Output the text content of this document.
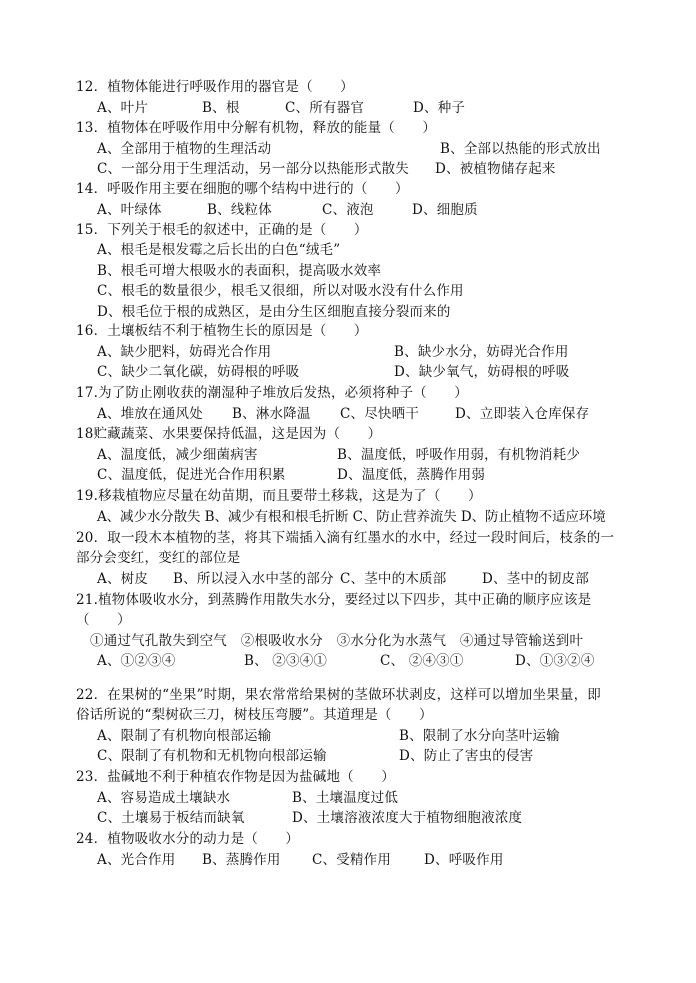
12．植物体能进行呼吸作用的器官是（　　）
A、叶片	B、根	C、所有器官	D、种子
13．植物体在呼吸作用中分解有机物，释放的能量（　　）
A、全部用于植物的生理活动	B、全部以热能的形式放出
C、一部分用于生理活动，另一部分以热能形式散失 D、被植物储存起来
14．呼吸作用主要在细胞的哪个结构中进行的（　　）
A、叶绿体	B、线粒体	C、液泡	D、细胞质
15．下列关于根毛的叙述中，正确的是（　　）
A、根毛是根发霉之后长出的白色“绒毛”
B、根毛可增大根吸水的表面积，提高吸水效率
C、根毛的数量很少，根毛又很细，所以对吸水没有什么作用
D、根毛位于根的成熟区，是由分生区细胞直接分裂而来的
16．土壤板结不利于植物生长的原因是（　　）
A、缺少肥料，妨碍光合作用	B、缺少水分，妨碍光合作用
C、缺少二氧化碳，妨碍根的呼吸	D、缺少氧气，妨碍根的呼吸
17.为了防止刚收获的潮湿种子堆放后发热，必须将种子（　　）
A、堆放在通风处 B、淋水降温 C、尽快晒干	D、立即装入仓库保存
18贮藏蔬菜、水果要保持低温，这是因为（　　）
A、温度低，减少细菌病害	B、温度低，呼吸作用弱，有机物消耗少
C、温度低，促进光合作用积累	D、温度低，蒸腾作用弱
19.移栽植物应尽量在幼苗期，而且要带土移栽，这是为了（　　）
A、减少水分散失 B、减少有根和根毛折断 C、防止营养流失 D、防止植物不适应环境
20．取一段木本植物的茎，将其下端插入滴有红墨水的水中，经过一段时间后，枝条的一
部分会变红，变红的部位是
A、树皮 B、所以浸入水中茎的部分 C、茎中的木质部	D、茎中的韧皮部
21.植物体吸收水分，到蒸腾作用散失水分，要经过以下四步，其中正确的顺序应该是
（　　）
①通过气孔散失到空气　②根吸收水分　③水分化为水蒸气　④通过导管输送到叶
A、①②③④	B、 ②③④①	C、 ②④③①	D、①③②④
22．在果树的“坐果”时期，果农常常给果树的茎做环状剥皮，这样可以增加坐果量，即
俗话所说的“梨树砍三刀，树枝压弯腰”。其道理是（　　）
A、限制了有机物向根部运输	B、限制了水分向茎叶运输
C、限制了有机物和无机物向根部运输	D、防止了害虫的侵害
23．盐碱地不利于种植农作物是因为盐碱地（　　）
A、容易造成土壤缺水	B、土壤温度过低
C、土壤易于板结而缺氧	D、土壤溶液浓度大于植物细胞液浓度
24．植物吸收水分的动力是（　　）
A、光合作用 B、蒸腾作用 C、受精作用 D、呼吸作用
